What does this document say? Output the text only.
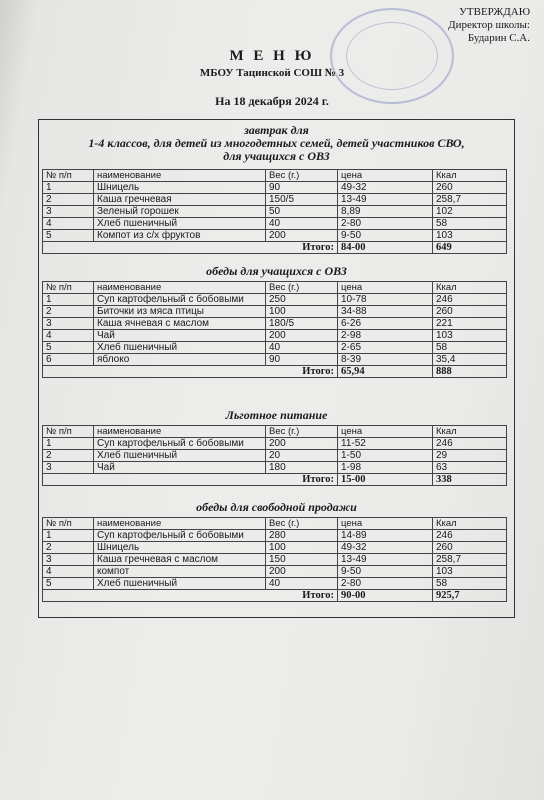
УТВЕРЖДАЮ
Директор школы:
Бударин С.А.
М Е Н Ю
МБОУ Тацинской СОШ № 3
На 18 декабря 2024 г.
завтрак для
1-4 классов, для детей из многодетных семей, детей участников СВО,
для учащихся с ОВЗ
№ п/п	наименование	Вес (г.)	цена	Ккал
1	Шницель	90	49-32	260
2	Каша гречневая	150/5	13-49	258,7
3	Зеленый горошек	50	8,89	102
4	Хлеб пшеничный	40	2-80	58
5	Компот из с/х фруктов	200	9-50	103
Итого:			84-00	649
обеды для учащихся с ОВЗ
№ п/п	наименование	Вес (г.)	цена	Ккал
1	Суп картофельный с бобовыми	250	10-78	246
2	Биточки из мяса птицы	100	34-88	260
3	Каша ячневая с маслом	180/5	6-26	221
4	Чай	200	2-98	103
5	Хлеб пшеничный	40	2-65	58
6	яблоко	90	8-39	35,4
Итого:			65,94	888
Льготное питание
№ п/п	наименование	Вес (г.)	цена	Ккал
1	Суп картофельный с бобовыми	200	11-52	246
2	Хлеб пшеничный	20	1-50	29
3	Чай	180	1-98	63
Итого:			15-00	338
обеды для свободной продажи
№ п/п	наименование	Вес (г.)	цена	Ккал
1	Суп картофельный с бобовыми	280	14-89	246
2	Шницель	100	49-32	260
3	Каша гречневая с маслом	150	13-49	258,7
4	компот	200	9-50	103
5	Хлеб пшеничный	40	2-80	58
Итого:			90-00	925,7
